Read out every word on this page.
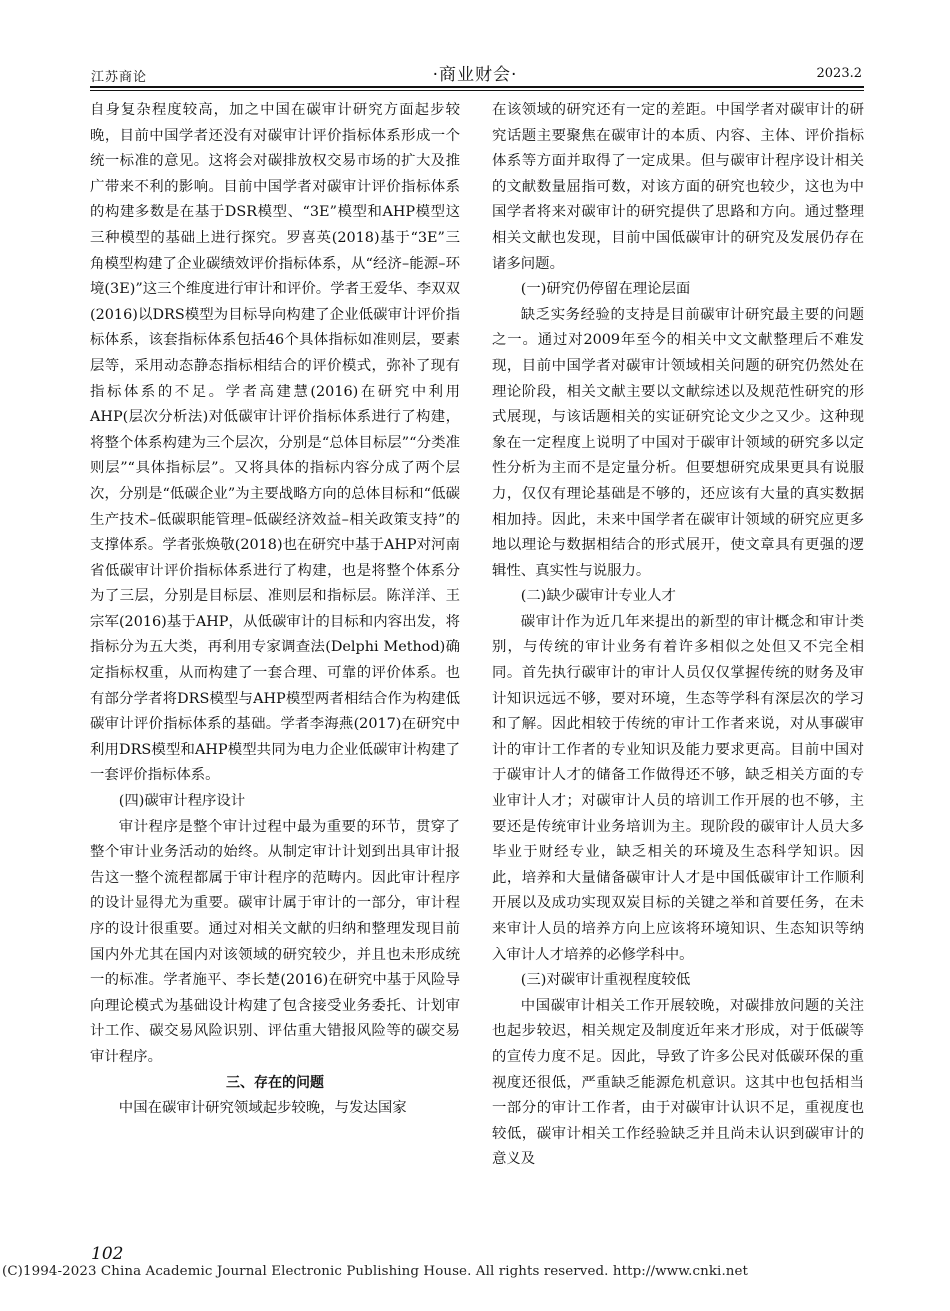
江苏商论	·商业财会·	2023.2

自身复杂程度较高，加之中国在碳审计研究方面起步较晚，目前中国学者还没有对碳审计评价指标体系形成一个统一标准的意见。这将会对碳排放权交易市场的扩大及推广带来不利的影响。目前中国学者对碳审计评价指标体系的构建多数是在基于DSR模型、“3E”模型和AHP模型这三种模型的基础上进行探究。罗喜英(2018)基于“3E”三角模型构建了企业碳绩效评价指标体系，从“经济–能源–环境(3E)”这三个维度进行审计和评价。学者王爱华、李双双(2016)以DRS模型为目标导向构建了企业低碳审计评价指标体系，该套指标体系包括46个具体指标如准则层，要素层等，采用动态静态指标相结合的评价模式，弥补了现有指标体系的不足。学者高建慧(2016)在研究中利用AHP(层次分析法)对低碳审计评价指标体系进行了构建，将整个体系构建为三个层次，分别是“总体目标层”“分类准则层”“具体指标层”。又将具体的指标内容分成了两个层次，分别是“低碳企业”为主要战略方向的总体目标和“低碳生产技术–低碳职能管理–低碳经济效益–相关政策支持”的支撑体系。学者张焕敬(2018)也在研究中基于AHP对河南省低碳审计评价指标体系进行了构建，也是将整个体系分为了三层，分别是目标层、准则层和指标层。陈洋洋、王宗军(2016)基于AHP，从低碳审计的目标和内容出发，将指标分为五大类，再利用专家调查法(Delphi Method)确定指标权重，从而构建了一套合理、可靠的评价体系。也有部分学者将DRS模型与AHP模型两者相结合作为构建低碳审计评价指标体系的基础。学者李海燕(2017)在研究中利用DRS模型和AHP模型共同为电力企业低碳审计构建了一套评价指标体系。

(四)碳审计程序设计

审计程序是整个审计过程中最为重要的环节，贯穿了整个审计业务活动的始终。从制定审计计划到出具审计报告这一整个流程都属于审计程序的范畴内。因此审计程序的设计显得尤为重要。碳审计属于审计的一部分，审计程序的设计很重要。通过对相关文献的归纳和整理发现目前国内外尤其在国内对该领域的研究较少，并且也未形成统一的标准。学者施平、李长楚(2016)在研究中基于风险导向理论模式为基础设计构建了包含接受业务委托、计划审计工作、碳交易风险识别、评估重大错报风险等的碳交易审计程序。

三、存在的问题

中国在碳审计研究领域起步较晚，与发达国家

在该领域的研究还有一定的差距。中国学者对碳审计的研究话题主要聚焦在碳审计的本质、内容、主体、评价指标体系等方面并取得了一定成果。但与碳审计程序设计相关的文献数量屈指可数，对该方面的研究也较少，这也为中国学者将来对碳审计的研究提供了思路和方向。通过整理相关文献也发现，目前中国低碳审计的研究及发展仍存在诸多问题。

(一)研究仍停留在理论层面

缺乏实务经验的支持是目前碳审计研究最主要的问题之一。通过对2009年至今的相关中文文献整理后不难发现，目前中国学者对碳审计领域相关问题的研究仍然处在理论阶段，相关文献主要以文献综述以及规范性研究的形式展现，与该话题相关的实证研究论文少之又少。这种现象在一定程度上说明了中国对于碳审计领域的研究多以定性分析为主而不是定量分析。但要想研究成果更具有说服力，仅仅有理论基础是不够的，还应该有大量的真实数据相加持。因此，未来中国学者在碳审计领域的研究应更多地以理论与数据相结合的形式展开，使文章具有更强的逻辑性、真实性与说服力。

(二)缺少碳审计专业人才

碳审计作为近几年来提出的新型的审计概念和审计类别，与传统的审计业务有着许多相似之处但又不完全相同。首先执行碳审计的审计人员仅仅掌握传统的财务及审计知识远远不够，要对环境，生态等学科有深层次的学习和了解。因此相较于传统的审计工作者来说，对从事碳审计的审计工作者的专业知识及能力要求更高。目前中国对于碳审计人才的储备工作做得还不够，缺乏相关方面的专业审计人才；对碳审计人员的培训工作开展的也不够，主要还是传统审计业务培训为主。现阶段的碳审计人员大多毕业于财经专业，缺乏相关的环境及生态科学知识。因此，培养和大量储备碳审计人才是中国低碳审计工作顺利开展以及成功实现双炭目标的关键之举和首要任务，在未来审计人员的培养方向上应该将环境知识、生态知识等纳入审计人才培养的必修学科中。

(三)对碳审计重视程度较低

中国碳审计相关工作开展较晚，对碳排放问题的关注也起步较迟，相关规定及制度近年来才形成，对于低碳等的宣传力度不足。因此，导致了许多公民对低碳环保的重视度还很低，严重缺乏能源危机意识。这其中也包括相当一部分的审计工作者，由于对碳审计认识不足，重视度也较低，碳审计相关工作经验缺乏并且尚未认识到碳审计的意义及

102
(C)1994-2023 China Academic Journal Electronic Publishing House. All rights reserved. http://www.cnki.net
